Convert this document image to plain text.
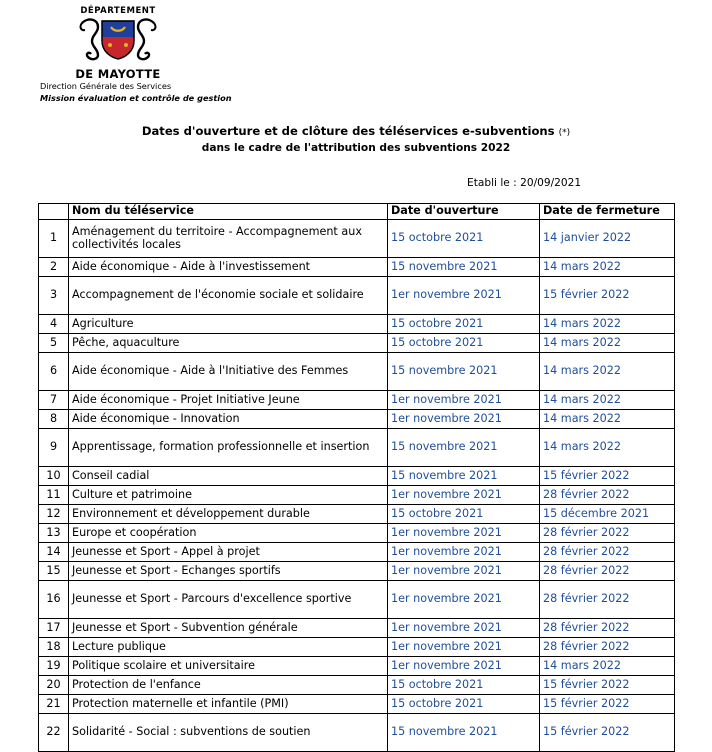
DÉPARTEMENT
DE MAYOTTE
Direction Générale des Services
Mission évaluation et contrôle de gestion
Dates d'ouverture et de clôture des téléservices e-subventions (*)
dans le cadre de l'attribution des subventions 2022
Etabli le : 20/09/2021
	Nom du téléservice	Date d'ouverture	Date de fermeture
1	Aménagement du territoire - Accompagnement aux collectivités locales	15 octobre 2021	14 janvier 2022
2	Aide économique - Aide à l'investissement	15 novembre 2021	14 mars 2022
3	Accompagnement de l'économie sociale et solidaire	1er novembre 2021	15 février 2022
4	Agriculture	15 octobre 2021	14 mars 2022
5	Pêche, aquaculture	15 octobre 2021	14 mars 2022
6	Aide économique - Aide à l'Initiative des Femmes	15 novembre 2021	14 mars 2022
7	Aide économique - Projet Initiative Jeune	1er novembre 2021	14 mars 2022
8	Aide économique - Innovation	1er novembre 2021	14 mars 2022
9	Apprentissage, formation professionnelle et insertion	15 novembre 2021	14 mars 2022
10	Conseil cadial	15 novembre 2021	15 février 2022
11	Culture et patrimoine	1er novembre 2021	28 février 2022
12	Environnement et développement durable	15 octobre 2021	15 décembre 2021
13	Europe et coopération	1er novembre 2021	28 février 2022
14	Jeunesse et Sport - Appel à projet	1er novembre 2021	28 février 2022
15	Jeunesse et Sport - Echanges sportifs	1er novembre 2021	28 février 2022
16	Jeunesse et Sport - Parcours d'excellence sportive	1er novembre 2021	28 février 2022
17	Jeunesse et Sport - Subvention générale	1er novembre 2021	28 février 2022
18	Lecture publique	1er novembre 2021	28 février 2022
19	Politique scolaire et universitaire	1er novembre 2021	14 mars 2022
20	Protection de l'enfance	15 octobre 2021	15 février 2022
21	Protection maternelle et infantile (PMI)	15 octobre 2021	15 février 2022
22	Solidarité - Social : subventions de soutien	15 novembre 2021	15 février 2022
